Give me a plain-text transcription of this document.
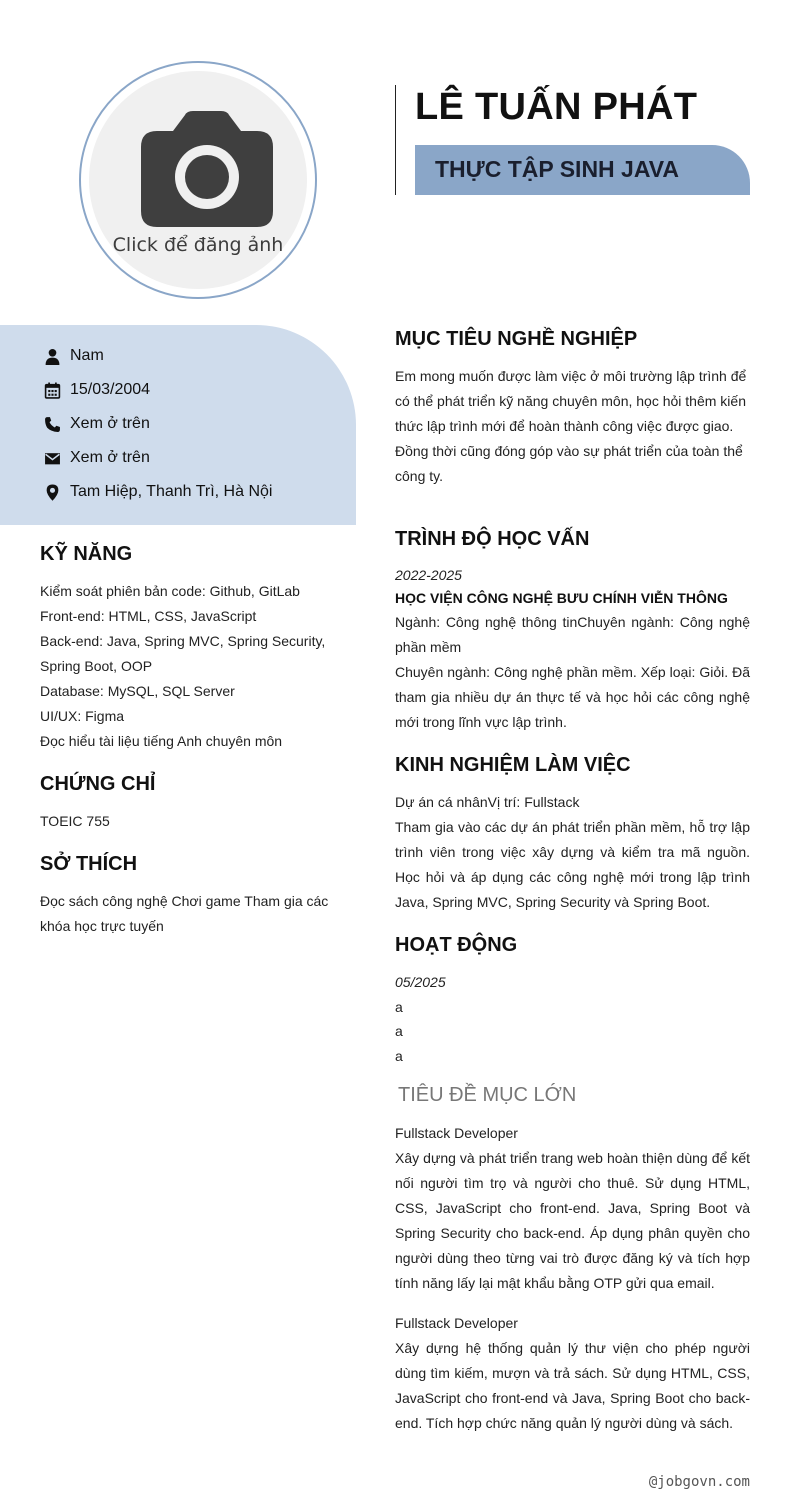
Click để đăng ảnh
LÊ TUẤN PHÁT
THỰC TẬP SINH JAVA
Nam
15/03/2004
Xem ở trên
Xem ở trên
Tam Hiệp, Thanh Trì, Hà Nội
KỸ NĂNG
Kiểm soát phiên bản code: Github, GitLab
Front-end: HTML, CSS, JavaScript
Back-end: Java, Spring MVC, Spring Security, Spring Boot, OOP
Database: MySQL, SQL Server
UI/UX: Figma
Đọc hiểu tài liệu tiếng Anh chuyên môn
CHỨNG CHỈ
TOEIC 755
SỞ THÍCH
Đọc sách công nghệ Chơi game Tham gia các khóa học trực tuyến
MỤC TIÊU NGHỀ NGHIỆP
Em mong muốn được làm việc ở môi trường lập trình để có thể phát triển kỹ năng chuyên môn, học hỏi thêm kiến thức lập trình mới để hoàn thành công việc được giao. Đồng thời cũng đóng góp vào sự phát triển của toàn thể công ty.
TRÌNH ĐỘ HỌC VẤN
2022-2025
HỌC VIỆN CÔNG NGHỆ BƯU CHÍNH VIỄN THÔNG
Ngành: Công nghệ thông tinChuyên ngành: Công nghệ phần mềm
Chuyên ngành: Công nghệ phần mềm. Xếp loại: Giỏi. Đã tham gia nhiều dự án thực tế và học hỏi các công nghệ mới trong lĩnh vực lập trình.
KINH NGHIỆM LÀM VIỆC
Dự án cá nhânVị trí: Fullstack
Tham gia vào các dự án phát triển phần mềm, hỗ trợ lập trình viên trong việc xây dựng và kiểm tra mã nguồn. Học hỏi và áp dụng các công nghệ mới trong lập trình Java, Spring MVC, Spring Security và Spring Boot.
HOẠT ĐỘNG
05/2025
a
a
a
TIÊU ĐỀ MỤC LỚN
Fullstack Developer
Xây dựng và phát triển trang web hoàn thiện dùng để kết nối người tìm trọ và người cho thuê. Sử dụng HTML, CSS, JavaScript cho front-end. Java, Spring Boot và Spring Security cho back-end. Áp dụng phân quyền cho người dùng theo từng vai trò được đăng ký và tích hợp tính năng lấy lại mật khẩu bằng OTP gửi qua email.
Fullstack Developer
Xây dựng hệ thống quản lý thư viện cho phép người dùng tìm kiếm, mượn và trả sách. Sử dụng HTML, CSS, JavaScript cho front-end và Java, Spring Boot cho back-end. Tích hợp chức năng quản lý người dùng và sách.
@jobgovn.com
